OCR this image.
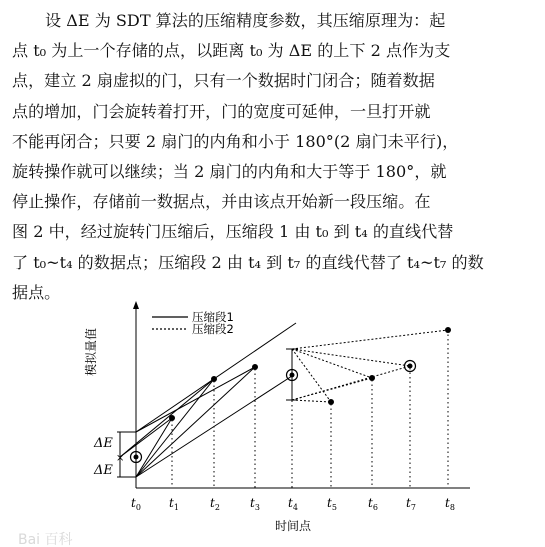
设 ΔE 为 SDT 算法的压缩精度参数，其压缩原理为：起

点 t₀ 为上一个存储的点，以距离 t₀ 为 ΔE 的上下 2 点作为支

点，建立 2 扇虚拟的门，只有一个数据时门闭合；随着数据

点的增加，门会旋转着打开，门的宽度可延伸，一旦打开就

不能再闭合；只要 2 扇门的内角和小于 180°(2 扇门未平行)，

旋转操作就可以继续；当 2 扇门的内角和大于等于 180°，就

停止操作，存储前一数据点，并由该点开始新一段压缩。在

图 2 中，经过旋转门压缩后，压缩段 1 由 t₀ 到 t₄ 的直线代替

了 t₀~t₄ 的数据点；压缩段 2 由 t₄ 到 t₇ 的直线代替了 t₄~t₇ 的数

据点。

压缩段1
压缩段2
×
ΔE
ΔE
模拟量值
$t_0$ $t_1$	$t_2$	$t_3$ $t_4$ $t_5$	$t_6$ $t_7$ $t_8$
时间点
Bai 百科
